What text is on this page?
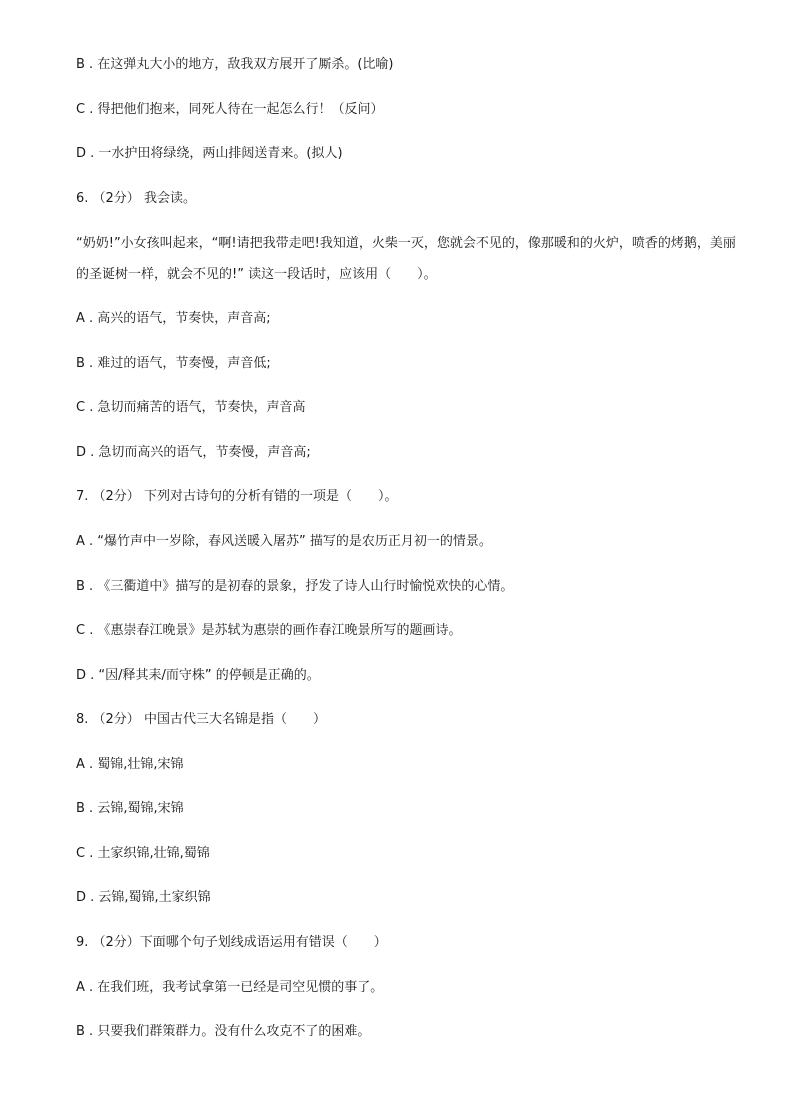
B . 在这弹丸大小的地方，敌我双方展开了厮杀。(比喻)
C . 得把他们抱来，同死人待在一起怎么行！（反问）
D . 一水护田将绿绕，两山排闼送青来。(拟人)
6. （2分） 我会读。
“奶奶!”小女孩叫起来，“啊!请把我带走吧!我知道，火柴一灭，您就会不见的，像那暖和的火炉，喷香的烤鹅，美丽的圣诞树一样，就会不见的!” 读这一段话时，应该用（　　）。
A . 高兴的语气，节奏快，声音高;
B . 难过的语气，节奏慢，声音低;
C . 急切而痛苦的语气，节奏快，声音高
D . 急切而高兴的语气，节奏慢，声音高;
7. （2分） 下列对古诗句的分析有错的一项是（　　）。
A . “爆竹声中一岁除，春风送暖入屠苏” 描写的是农历正月初一的情景。
B . 《三衢道中》描写的是初春的景象，抒发了诗人山行时愉悦欢快的心情。
C . 《惠崇春江晚景》是苏轼为惠崇的画作春江晚景所写的题画诗。
D . “因/释其耒/而守株” 的停顿是正确的。
8. （2分） 中国古代三大名锦是指（　　）
A . 蜀锦,壮锦,宋锦
B . 云锦,蜀锦,宋锦
C . 土家织锦,壮锦,蜀锦
D . 云锦,蜀锦,土家织锦
9. （2分）下面哪个句子划线成语运用有错误（　　）
A . 在我们班，我考试拿第一已经是司空见惯的事了。
B . 只要我们群策群力。没有什么攻克不了的困难。
